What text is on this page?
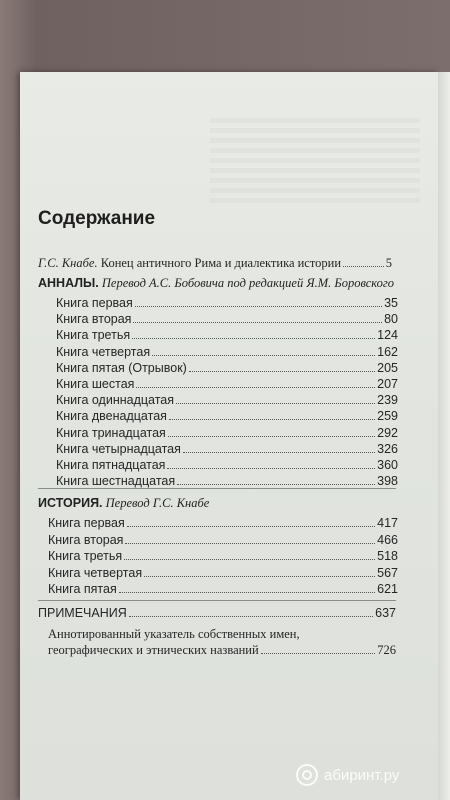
Содержание
Г.С. Кнабе. Конец античного Рима и диалектика истории	5
АННАЛЫ. Перевод А.С. Бобовича под редакцией Я.М. Боровского
Книга первая	35
Книга вторая	80
Книга третья	124
Книга четвертая	162
Книга пятая (Отрывок)	205
Книга шестая	207
Книга одиннадцатая	239
Книга двенадцатая	259
Книга тринадцатая	292
Книга четырнадцатая	326
Книга пятнадцатая	360
Книга шестнадцатая	398
ИСТОРИЯ. Перевод Г.С. Кнабе
Книга первая	417
Книга вторая	466
Книга третья	518
Книга четвертая	567
Книга пятая	621
ПРИМЕЧАНИЯ	637
Аннотированный указатель собственных имен,
географических и этнических названий	726
абиринт.ру
